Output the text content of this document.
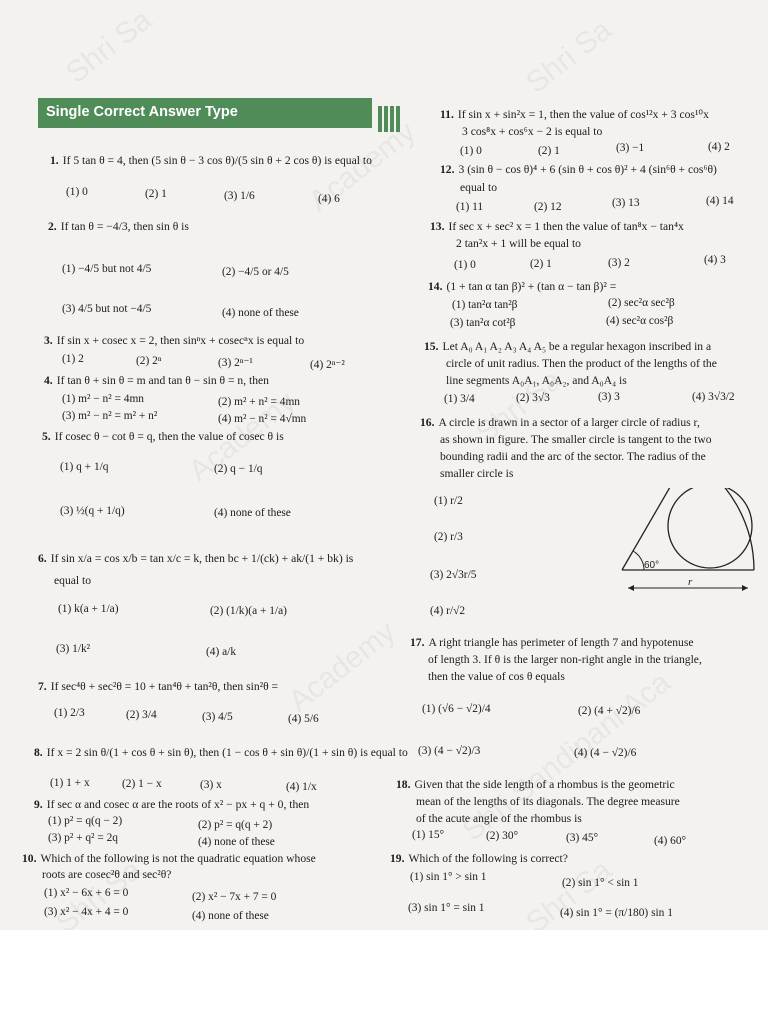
Single Correct Answer Type
1. If 5 tan θ = 4, then (5 sin θ − 3 cos θ)/(5 sin θ + 2 cos θ) is equal to
(1) 0	(2) 1	(3) 1/6	(4) 6
2. If tan θ = −4/3, then sin θ is
(1) −4/5 but not 4/5	(2) −4/5 or 4/5
(3) 4/5 but not −4/5	(4) none of these
3. If sin x + cosec x = 2, then sinⁿx + cosecⁿx is equal to
(1) 2	(2) 2ⁿ	(3) 2ⁿ⁻¹	(4) 2ⁿ⁻²
4. If tan θ + sin θ = m and tan θ − sin θ = n, then
(1) m² − n² = 4mn	(2) m² + n² = 4mn
(3) m² − n² = m² + n²	(4) m² − n² = 4√mn
5. If cosec θ − cot θ = q, then the value of cosec θ is
(1) q + 1/q	(2) q − 1/q
(3) ½(q + 1/q)	(4) none of these
6. If sin x/a = cos x/b = tan x/c = k, then bc + 1/(ck) + ak/(1 + bk) is
equal to
(1) k(a + 1/a)	(2) (1/k)(a + 1/a)
(3) 1/k²	(4) a/k
7. If sec⁴θ + sec²θ = 10 + tan⁴θ + tan²θ, then sin²θ =
(1) 2/3	(2) 3/4	(3) 4/5	(4) 5/6
8. If x = 2 sin θ/(1 + cos θ + sin θ), then (1 − cos θ + sin θ)/(1 + sin θ) is equal to
(1) 1 + x	(2) 1 − x	(3) x	(4) 1/x
9. If sec α and cosec α are the roots of x² − px + q + 0, then
(1) p² = q(q − 2)	(2) p² = q(q + 2)
(3) p² + q² = 2q	(4) none of these
10. Which of the following is not the quadratic equation whose
roots are cosec²θ and sec²θ?
(1) x² − 6x + 6 = 0	(2) x² − 7x + 7 = 0
(3) x² − 4x + 4 = 0	(4) none of these
11. If sin x + sin²x = 1, then the value of cos¹²x + 3 cos¹⁰x
3 cos⁸x + cos⁶x − 2 is equal to
(1) 0	(2) 1	(3) −1	(4) 2
12. 3 (sin θ − cos θ)⁴ + 6 (sin θ + cos θ)² + 4 (sin⁶θ + cos⁶θ)
equal to
(1) 11	(2) 12	(3) 13	(4) 14
13. If sec x + sec² x = 1 then the value of tan⁸x − tan⁴x
2 tan²x + 1 will be equal to
(1) 0	(2) 1	(3) 2	(4) 3
14. (1 + tan α tan β)² + (tan α − tan β)² =
(1) tan²α tan²β	(2) sec²α sec²β
(3) tan²α cot²β	(4) sec²α cos²β
15. Let A₀ A₁ A₂ A₃ A₄ A₅ be a regular hexagon inscribed in a
circle of unit radius. Then the product of the lengths of the
line segments A₀A₁, A₀A₂, and A₀A₄ is
(1) 3/4	(2) 3√3	(3) 3	(4) 3√3/2
16. A circle is drawn in a sector of a larger circle of radius r,
as shown in figure. The smaller circle is tangent to the two
bounding radii and the arc of the sector. The radius of the
smaller circle is
(1) r/2
(2) r/3
(3) 2√3r/5
(4) r/√2
60°
r
17. A right triangle has perimeter of length 7 and hypotenuse
of length 3. If θ is the larger non-right angle in the triangle,
then the value of cos θ equals
(1) (√6 − √2)/4	(2) (4 + √2)/6
(3) (4 − √2)/3	(4) (4 − √2)/6
18. Given that the side length of a rhombus is the geometric
mean of the lengths of its diagonals. The degree measure
of the acute angle of the rhombus is
(1) 15°	(2) 30°	(3) 45°	(4) 60°
19. Which of the following is correct?
(1) sin 1° > sin 1	(2) sin 1° < sin 1
(3) sin 1° = sin 1	(4) sin 1° = (π/180) sin 1
